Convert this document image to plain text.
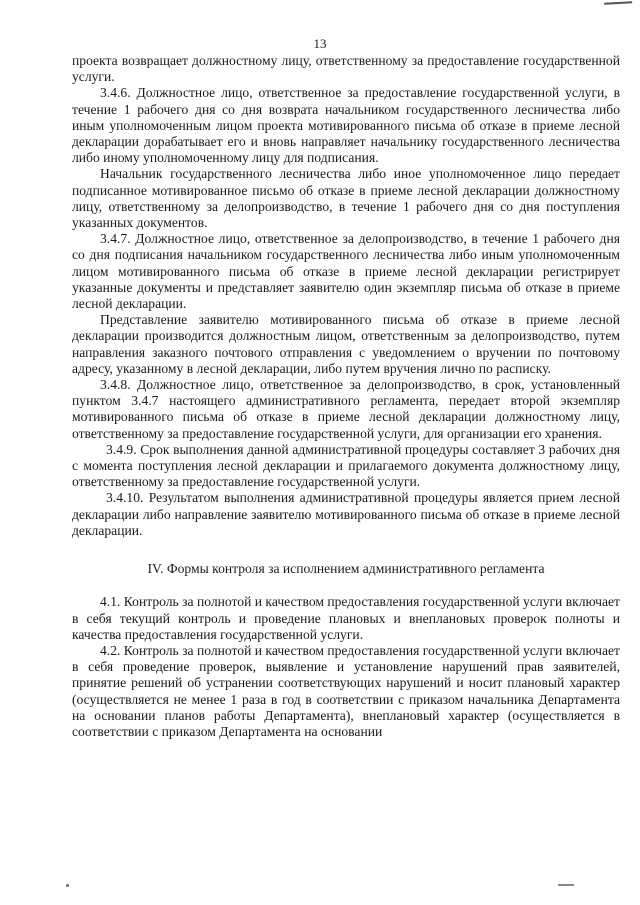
13

проекта возвращает должностному лицу, ответственному за предоставление государственной услуги.

3.4.6. Должностное лицо, ответственное за предоставление государственной услуги, в течение 1 рабочего дня со дня возврата начальником государственного лесничества либо иным уполномоченным лицом проекта мотивированного письма об отказе в приеме лесной декларации дорабатывает его и вновь направляет начальнику государственного лесничества либо иному уполномоченному лицу для подписания.

Начальник государственного лесничества либо иное уполномоченное лицо передает подписанное мотивированное письмо об отказе в приеме лесной декларации должностному лицу, ответственному за делопроизводство, в течение 1 рабочего дня со дня поступления указанных документов.

3.4.7. Должностное лицо, ответственное за делопроизводство, в течение 1 рабочего дня со дня подписания начальником государственного лесничества либо иным уполномоченным лицом мотивированного письма об отказе в приеме лесной декларации регистрирует указанные документы и представляет заявителю один экземпляр письма об отказе в приеме лесной декларации.

Представление заявителю мотивированного письма об отказе в приеме лесной декларации производится должностным лицом, ответственным за делопроизводство, путем направления заказного почтового отправления с уведомлением о вручении по почтовому адресу, указанному в лесной декларации, либо путем вручения лично по расписку.

3.4.8. Должностное лицо, ответственное за делопроизводство, в срок, установленный пунктом 3.4.7 настоящего административного регламента, передает второй экземпляр мотивированного письма об отказе в приеме лесной декларации должностному лицу, ответственному за предоставление государственной услуги, для организации его хранения.

3.4.9. Срок выполнения данной административной процедуры составляет 3 рабочих дня с момента поступления лесной декларации и прилагаемого документа должностному лицу, ответственному за предоставление государственной услуги.

3.4.10. Результатом выполнения административной процедуры является прием лесной декларации либо направление заявителю мотивированного письма об отказе в приеме лесной декларации.

IV. Формы контроля за исполнением административного регламента

4.1. Контроль за полнотой и качеством предоставления государственной услуги включает в себя текущий контроль и проведение плановых и внеплановых проверок полноты и качества предоставления государственной услуги.

4.2. Контроль за полнотой и качеством предоставления государственной услуги включает в себя проведение проверок, выявление и установление нарушений прав заявителей, принятие решений об устранении соответствующих нарушений и носит плановый характер (осуществляется не менее 1 раза в год в соответствии с приказом начальника Департамента на основании планов работы Департамента), внеплановый характер (осуществляется в соответствии с приказом Департамента на основании
